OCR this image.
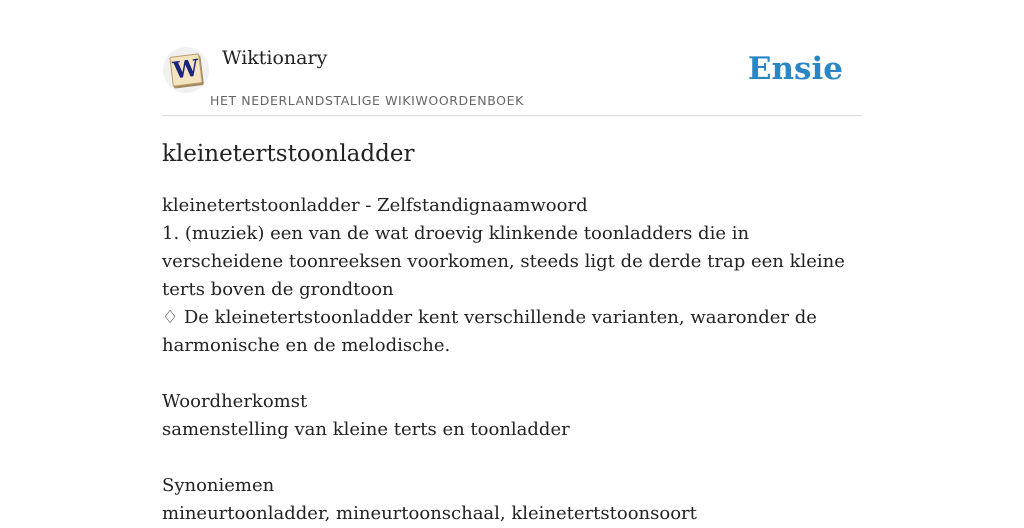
W Wiktionary
HET NEDERLANDSTALIGE WIKIWOORDENBOEK
Ensie
kleinetertstoonladder

kleinetertstoonladder - Zelfstandignaamwoord

1. (muziek) een van de wat droevig klinkende toonladders die in verscheidene toonreeksen voorkomen, steeds ligt de derde trap een kleine terts boven de grondtoon

♢ De kleinetertstoonladder kent verschillende varianten, waaronder de harmonische en de melodische.

Woordherkomst

samenstelling van kleine terts en toonladder

Synoniemen

mineurtoonladder, mineurtoonschaal, kleinetertstoonsoort
